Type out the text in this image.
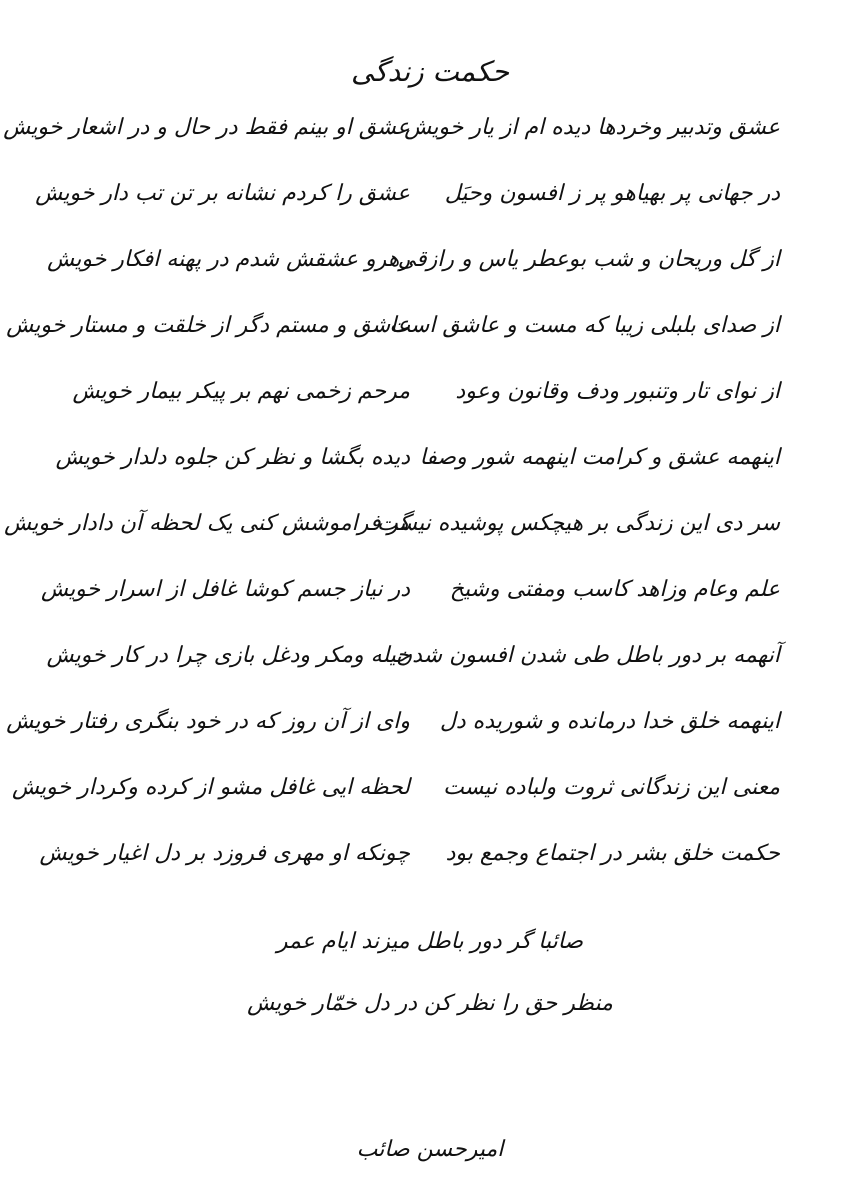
حکمت زندگی
عشق وتدبیر وخردها دیده ام از یار خویش
عشق او بینم فقط در حال و در اشعار خویش
در جهانی پر بهیاهو پر ز افسون وحیَل
عشق را کردم نشانه بر تن تب دار خویش
از گل وریحان و شب بوعطر یاس و رازقی
رهرو عشقش شدم در پهنه افکار خویش
از صدای بلبلی زیبا که مست و عاشق است
عاشق و مستم دگر از خلقت و مستار خویش
از نوای تار وتنبور ودف وقانون وعود
مرحم زخمی نهم بر پیکر بیمار خویش
اینهمه عشق و کرامت اینهمه شور وصفا
دیده بگشا و نظر کن جلوه دلدار خویش
سر دی این زندگی بر هیچکس پوشیده نیست
گر فراموشش کنی یک لحظه آن دادار خویش
علم وعام وزاهد کاسب ومفتی وشیخ
در نیاز جسم کوشا غافل از اسرار خویش
آنهمه بر دور باطل طی شدن افسون شدن
حیله ومکر ودغل بازی چرا در کار خویش
اینهمه خلق خدا درمانده و شوریده دل
وای از آن روز که در خود بنگری رفتار خویش
معنی این زندگانی ثروت ولباده نیست
لحظه ایی غافل مشو از کرده وکردار خویش
حکمت خلق بشر در اجتماع وجمع بود
چونکه او مهری فروزد بر دل اغیار خویش
صائبا گر دور باطل میزند ایام عمر
منظر حق را نظر کن در دل خمّار خویش
امیرحسن صائب
